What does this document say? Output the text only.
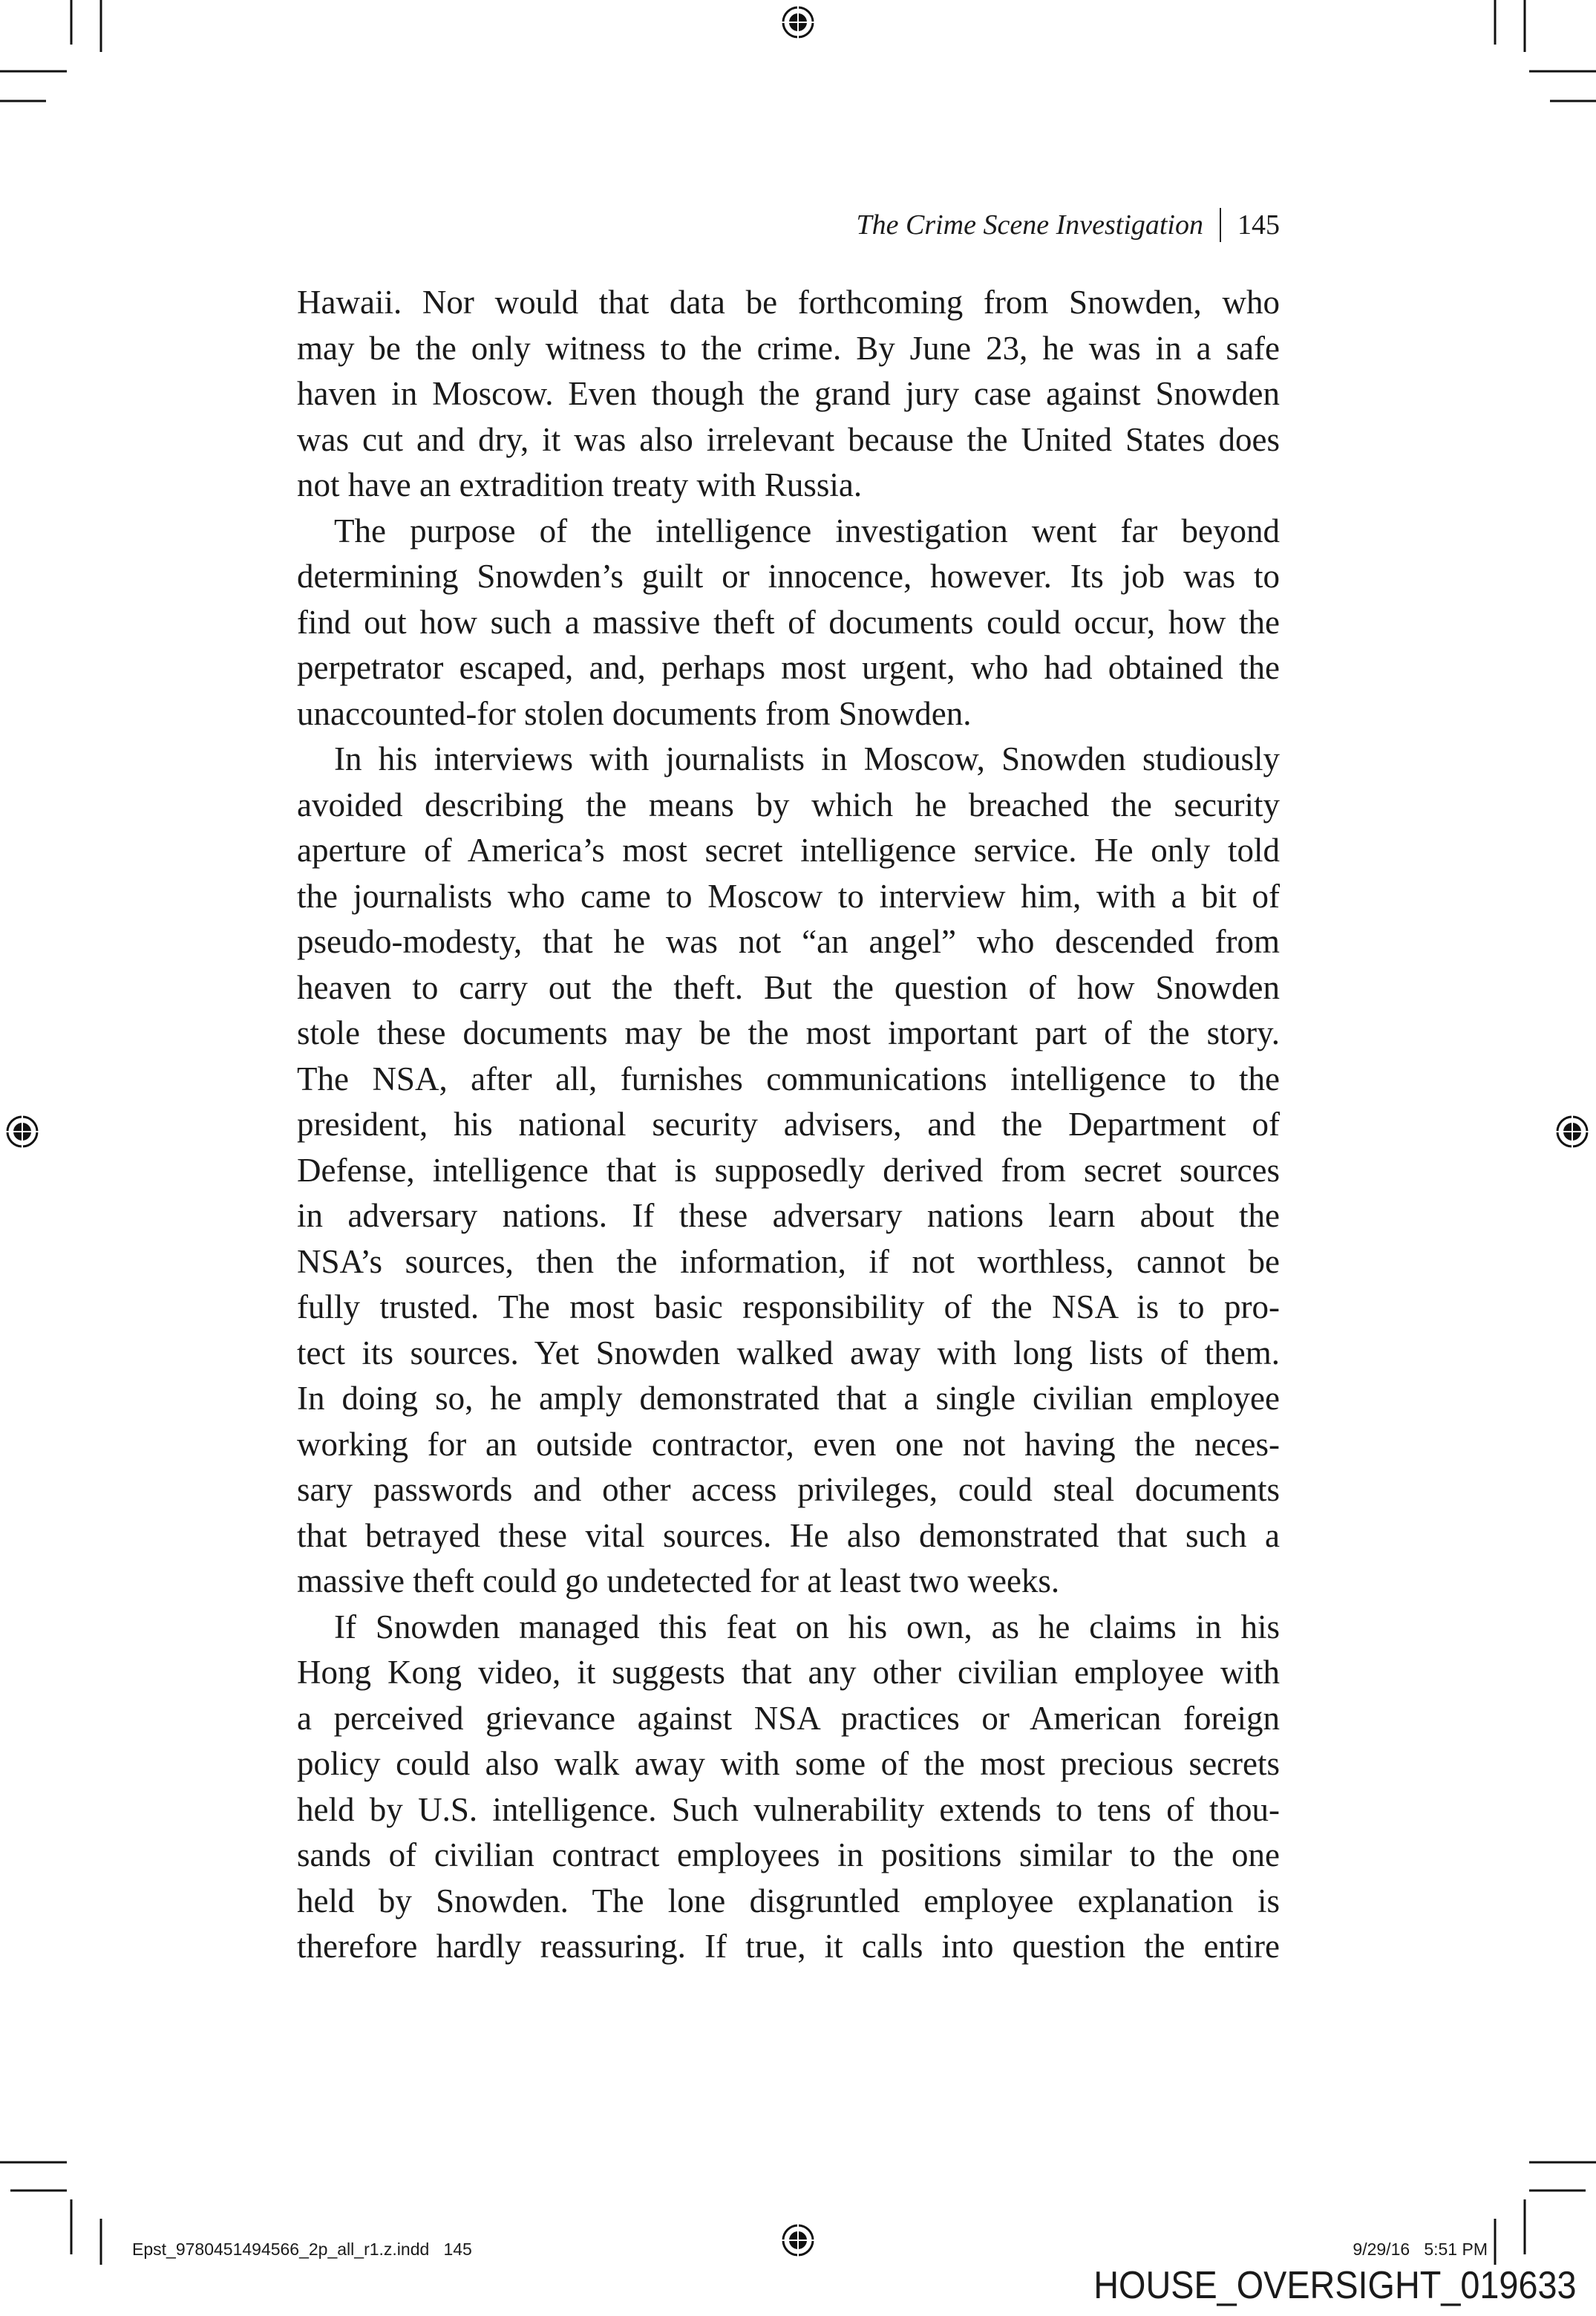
The Crime Scene Investigation 145
Hawaii. Nor would that data be forthcoming from Snowden, who
may be the only witness to the crime. By June 23, he was in a safe
haven in Moscow. Even though the grand jury case against Snowden
was cut and dry, it was also irrelevant because the United States does
not have an extradition treaty with Russia.
The purpose of the intelligence investigation went far beyond
determining Snowden’s guilt or innocence, however. Its job was to
find out how such a massive theft of documents could occur, how the
perpetrator escaped, and, perhaps most urgent, who had obtained the
unaccounted-for stolen documents from Snowden.
In his interviews with journalists in Moscow, Snowden studiously
avoided describing the means by which he breached the security
aperture of America’s most secret intelligence service. He only told
the journalists who came to Moscow to interview him, with a bit of
pseudo-modesty, that he was not “an angel” who descended from
heaven to carry out the theft. But the question of how Snowden
stole these documents may be the most important part of the story.
The NSA, after all, furnishes communications intelligence to the
president, his national security advisers, and the Department of
Defense, intelligence that is supposedly derived from secret sources
in adversary nations. If these adversary nations learn about the
NSA’s sources, then the information, if not worthless, cannot be
fully trusted. The most basic responsibility of the NSA is to pro-
tect its sources. Yet Snowden walked away with long lists of them.
In doing so, he amply demonstrated that a single civilian employee
working for an outside contractor, even one not having the neces-
sary passwords and other access privileges, could steal documents
that betrayed these vital sources. He also demonstrated that such a
massive theft could go undetected for at least two weeks.
If Snowden managed this feat on his own, as he claims in his
Hong Kong video, it suggests that any other civilian employee with
a perceived grievance against NSA practices or American foreign
policy could also walk away with some of the most precious secrets
held by U.S. intelligence. Such vulnerability extends to tens of thou-
sands of civilian contract employees in positions similar to the one
held by Snowden. The lone disgruntled employee explanation is
therefore hardly reassuring. If true, it calls into question the entire
Epst_9780451494566_2p_all_r1.z.indd   145	9/29/16   5:51 PM
HOUSE_OVERSIGHT_019633
